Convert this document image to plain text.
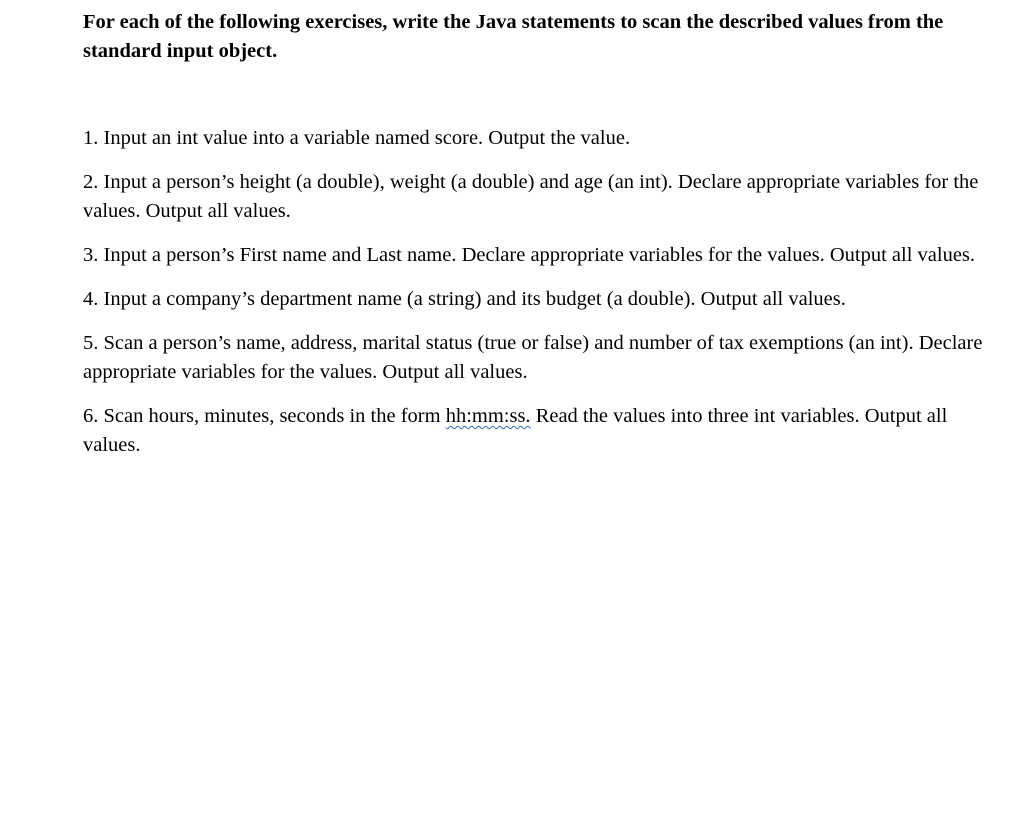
For each of the following exercises, write the Java statements to scan the described values from the standard input object.

1. Input an int value into a variable named score. Output the value.
2. Input a person’s height (a double), weight (a double) and age (an int). Declare appropriate variables for the values. Output all values.
3. Input a person’s First name and Last name. Declare appropriate variables for the values. Output all values.
4. Input a company’s department name (a string) and its budget (a double). Output all values.
5. Scan a person’s name, address, marital status (true or false) and number of tax exemptions (an int). Declare appropriate variables for the values. Output all values.
6. Scan hours, minutes, seconds in the form hh:mm:ss. Read the values into three int variables. Output all values.
